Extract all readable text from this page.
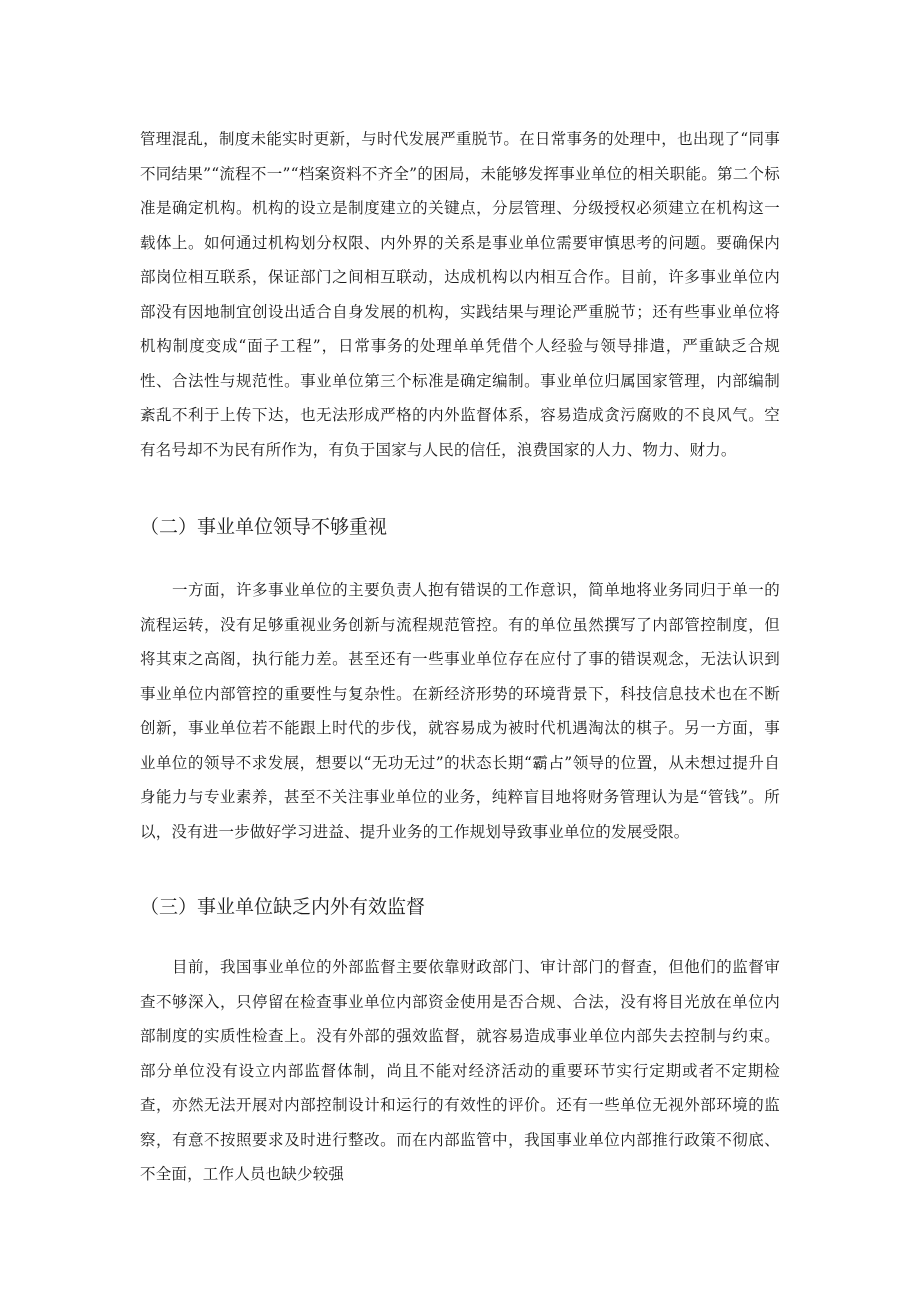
管理混乱，制度未能实时更新，与时代发展严重脱节。在日常事务的处理中，也出现了“同事不同结果”“流程不一”“档案资料不齐全”的困局，未能够发挥事业单位的相关职能。第二个标准是确定机构。机构的设立是制度建立的关键点，分层管理、分级授权必须建立在机构这一载体上。如何通过机构划分权限、内外界的关系是事业单位需要审慎思考的问题。要确保内部岗位相互联系，保证部门之间相互联动，达成机构以内相互合作。目前，许多事业单位内部没有因地制宜创设出适合自身发展的机构，实践结果与理论严重脱节；还有些事业单位将机构制度变成“面子工程”，日常事务的处理单单凭借个人经验与领导排遣，严重缺乏合规性、合法性与规范性。事业单位第三个标准是确定编制。事业单位归属国家管理，内部编制紊乱不利于上传下达，也无法形成严格的内外监督体系，容易造成贪污腐败的不良风气。空有名号却不为民有所作为，有负于国家与人民的信任，浪费国家的人力、物力、财力。

（二）事业单位领导不够重视

一方面，许多事业单位的主要负责人抱有错误的工作意识，简单地将业务同归于单一的流程运转，没有足够重视业务创新与流程规范管控。有的单位虽然撰写了内部管控制度，但将其束之高阁，执行能力差。甚至还有一些事业单位存在应付了事的错误观念，无法认识到事业单位内部管控的重要性与复杂性。在新经济形势的环境背景下，科技信息技术也在不断创新，事业单位若不能跟上时代的步伐，就容易成为被时代机遇淘汰的棋子。另一方面，事业单位的领导不求发展，想要以“无功无过”的状态长期“霸占”领导的位置，从未想过提升自身能力与专业素养，甚至不关注事业单位的业务，纯粹盲目地将财务管理认为是“管钱”。所以，没有进一步做好学习进益、提升业务的工作规划导致事业单位的发展受限。

（三）事业单位缺乏内外有效监督

目前，我国事业单位的外部监督主要依靠财政部门、审计部门的督查，但他们的监督审查不够深入，只停留在检查事业单位内部资金使用是否合规、合法，没有将目光放在单位内部制度的实质性检查上。没有外部的强效监督，就容易造成事业单位内部失去控制与约束。部分单位没有设立内部监督体制，尚且不能对经济活动的重要环节实行定期或者不定期检查，亦然无法开展对内部控制设计和运行的有效性的评价。还有一些单位无视外部环境的监察，有意不按照要求及时进行整改。而在内部监管中，我国事业单位内部推行政策不彻底、不全面，工作人员也缺少较强
